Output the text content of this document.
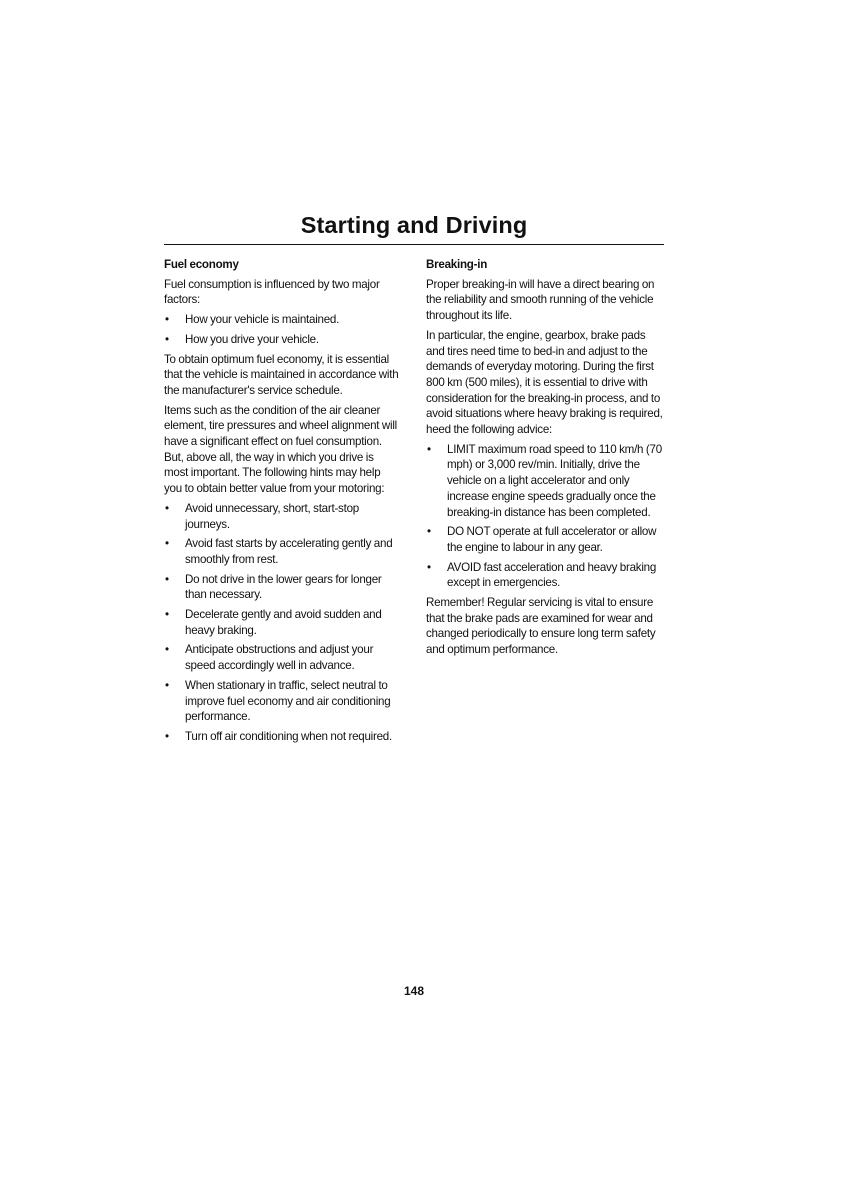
Starting and Driving
Fuel economy

Fuel consumption is influenced by two major factors:

•	How your vehicle is maintained.
•	How you drive your vehicle.

To obtain optimum fuel economy, it is essential that the vehicle is maintained in accordance with the manufacturer's service schedule.

Items such as the condition of the air cleaner element, tire pressures and wheel alignment will have a significant effect on fuel consumption. But, above all, the way in which you drive is most important. The following hints may help you to obtain better value from your motoring:

•	Avoid unnecessary, short, start-stop journeys.
•	Avoid fast starts by accelerating gently and smoothly from rest.
•	Do not drive in the lower gears for longer than necessary.
•	Decelerate gently and avoid sudden and heavy braking.
•	Anticipate obstructions and adjust your speed accordingly well in advance.
•	When stationary in traffic, select neutral to improve fuel economy and air conditioning performance.
•	Turn off air conditioning when not required.
Breaking-in

Proper breaking-in will have a direct bearing on the reliability and smooth running of the vehicle throughout its life.

In particular, the engine, gearbox, brake pads and tires need time to bed-in and adjust to the demands of everyday motoring. During the first 800 km (500 miles), it is essential to drive with consideration for the breaking-in process, and to avoid situations where heavy braking is required, heed the following advice:

•	LIMIT maximum road speed to 110 km/h (70 mph) or 3,000 rev/min. Initially, drive the vehicle on a light accelerator and only increase engine speeds gradually once the breaking-in distance has been completed.
•	DO NOT operate at full accelerator or allow the engine to labour in any gear.
•	AVOID fast acceleration and heavy braking except in emergencies.

Remember! Regular servicing is vital to ensure that the brake pads are examined for wear and changed periodically to ensure long term safety and optimum performance.

148
